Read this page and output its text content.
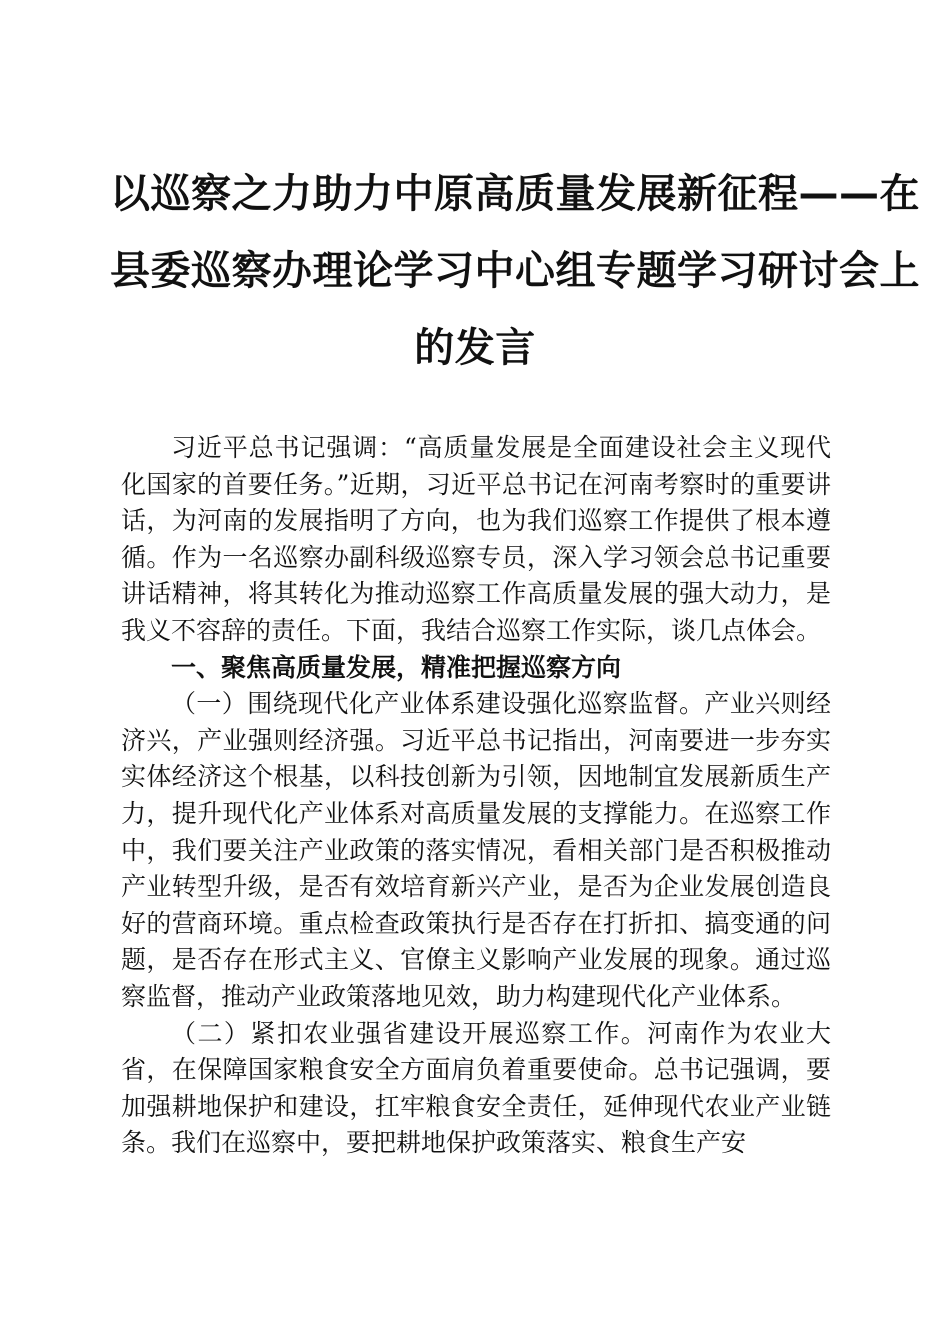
以巡察之力助力中原高质量发展新征程——在
县委巡察办理论学习中心组专题学习研讨会上
的发言

习近平总书记强调：“高质量发展是全面建设社会主义现代化国家的首要任务。”近期，习近平总书记在河南考察时的重要讲话，为河南的发展指明了方向，也为我们巡察工作提供了根本遵循。作为一名巡察办副科级巡察专员，深入学习领会总书记重要讲话精神，将其转化为推动巡察工作高质量发展的强大动力，是我义不容辞的责任。下面，我结合巡察工作实际，谈几点体会。

一、聚焦高质量发展，精准把握巡察方向

（一）围绕现代化产业体系建设强化巡察监督。产业兴则经济兴，产业强则经济强。习近平总书记指出，河南要进一步夯实实体经济这个根基，以科技创新为引领，因地制宜发展新质生产力，提升现代化产业体系对高质量发展的支撑能力。在巡察工作中，我们要关注产业政策的落实情况，看相关部门是否积极推动产业转型升级，是否有效培育新兴产业，是否为企业发展创造良好的营商环境。重点检查政策执行是否存在打折扣、搞变通的问题，是否存在形式主义、官僚主义影响产业发展的现象。通过巡察监督，推动产业政策落地见效，助力构建现代化产业体系。

（二）紧扣农业强省建设开展巡察工作。河南作为农业大省，在保障国家粮食安全方面肩负着重要使命。总书记强调，要加强耕地保护和建设，扛牢粮食安全责任，延伸现代农业产业链条。我们在巡察中，要把耕地保护政策落实、粮食生产安
